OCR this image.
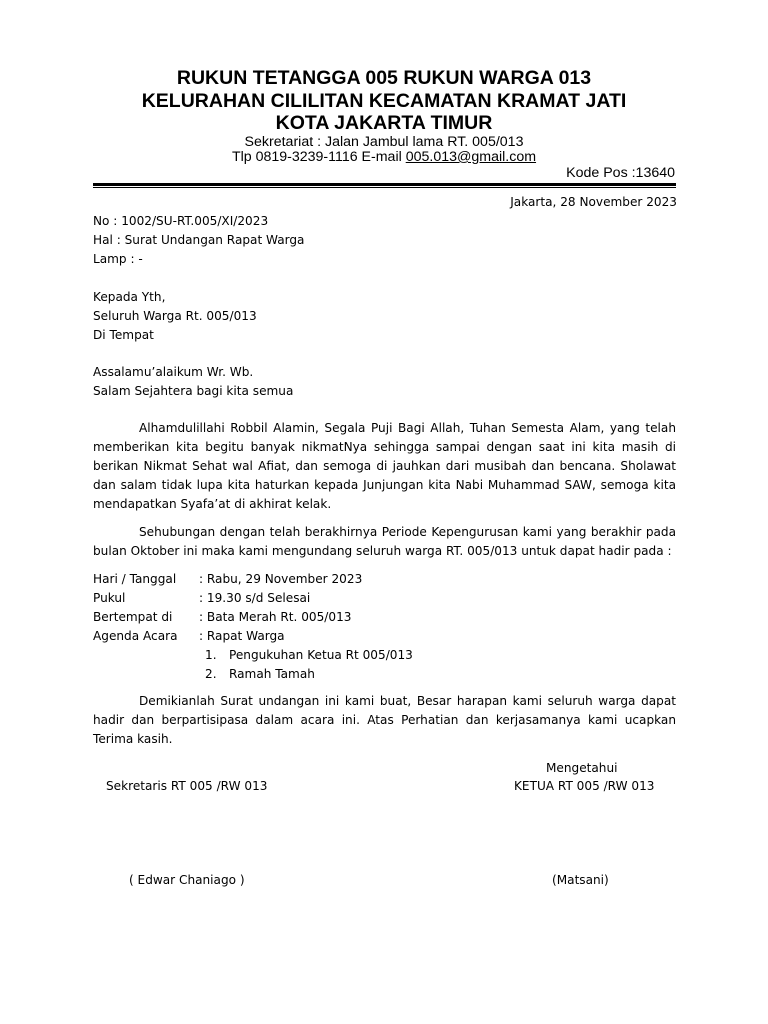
RUKUN TETANGGA 005 RUKUN WARGA 013
KELURAHAN CILILITAN KECAMATAN KRAMAT JATI
KOTA JAKARTA TIMUR
Sekretariat : Jalan Jambul lama RT. 005/013
Tlp 0819-3239-1116 E-mail 005.013@gmail.com
Kode Pos :13640
Jakarta, 28 November 2023
No : 1002/SU-RT.005/XI/2023
Hal : Surat Undangan Rapat Warga
Lamp : -
Kepada Yth,
Seluruh Warga Rt. 005/013
Di Tempat
Assalamu’alaikum Wr. Wb.
Salam Sejahtera bagi kita semua
Alhamdulillahi Robbil Alamin, Segala Puji Bagi Allah, Tuhan Semesta Alam, yang telah memberikan kita begitu banyak nikmatNya sehingga sampai dengan saat ini kita masih di berikan Nikmat Sehat wal Afiat, dan semoga di jauhkan dari musibah dan bencana. Sholawat dan salam tidak lupa kita haturkan kepada Junjungan kita Nabi Muhammad SAW, semoga kita mendapatkan Syafa’at di akhirat kelak.
Sehubungan dengan telah berakhirnya Periode Kepengurusan kami yang berakhir pada bulan Oktober ini maka kami mengundang seluruh warga RT. 005/013 untuk dapat hadir pada :
Hari / Tanggal : Rabu, 29 November 2023
Pukul	: 19.30 s/d Selesai
Bertempat di : Bata Merah Rt. 005/013
Agenda Acara : Rapat Warga
1. Pengukuhan Ketua Rt 005/013
2. Ramah Tamah
Demikianlah Surat undangan ini kami buat, Besar harapan kami seluruh warga dapat hadir dan berpartisipasa dalam acara ini. Atas Perhatian dan kerjasamanya kami ucapkan Terima kasih.
Mengetahui
Sekretaris RT 005 /RW 013	KETUA RT 005 /RW 013
( Edwar Chaniago )	(Matsani)
